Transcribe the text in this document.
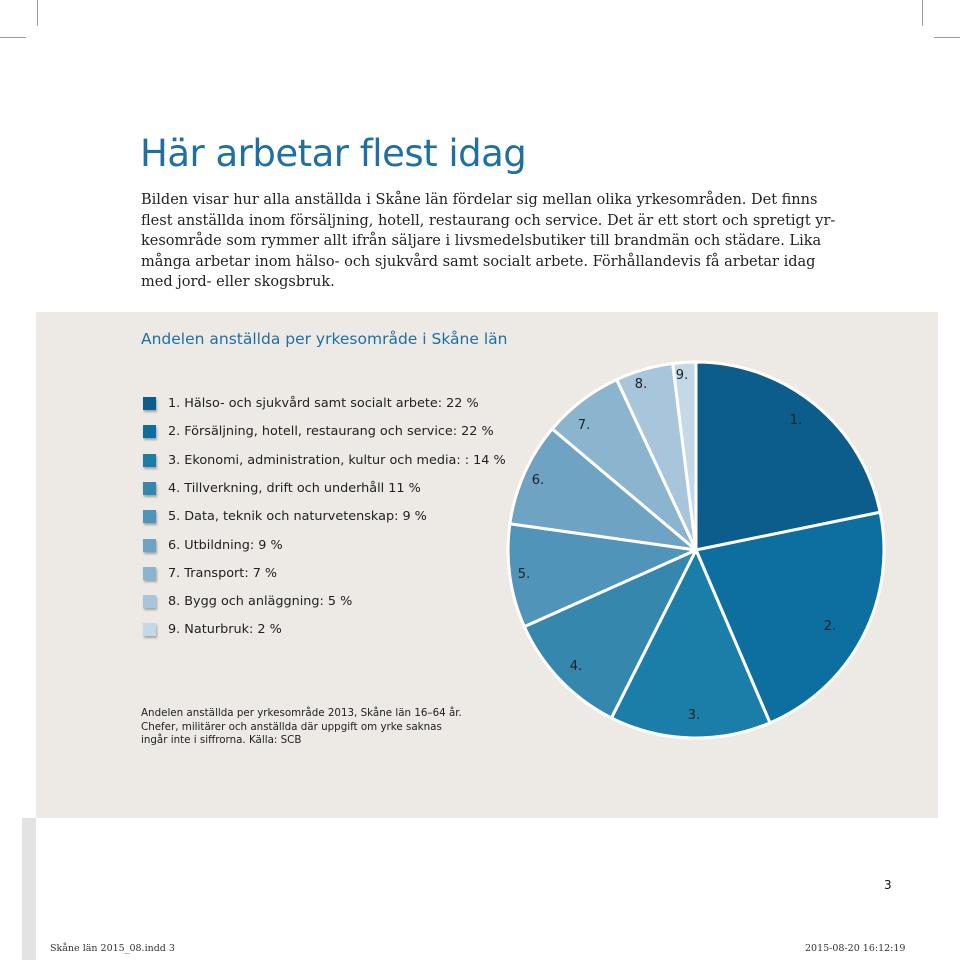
Här arbetar flest idag
Bilden visar hur alla anställda i Skåne län fördelar sig mellan olika yrkesområden. Det finns
flest anställda inom försäljning, hotell, restaurang och service. Det är ett stort och spretigt yr-
kesområde som rymmer allt ifrån säljare i livsmedelsbutiker till brandmän och städare. Lika
många arbetar inom hälso- och sjukvård samt socialt arbete. Förhållandevis få arbetar idag
med jord- eller skogsbruk.
Andelen anställda per yrkesområde i Skåne län
1. Hälso- och sjukvård samt socialt arbete: 22 %
2. Försäljning, hotell, restaurang och service: 22 %
3. Ekonomi, administration, kultur och media: : 14 %
4. Tillverkning, drift och underhåll 11 %
5. Data, teknik och naturvetenskap: 9 %
6. Utbildning: 9 %
7. Transport: 7 %
8. Bygg och anläggning: 5 %
9. Naturbruk: 2 %
1.
2.
3.
4.
5.
6.
7.
8.
9.
Andelen anställda per yrkesområde 2013, Skåne län 16–64 år.
Chefer, militärer och anställda där uppgift om yrke saknas
ingår inte i siffrorna. Källa: SCB
3
Skåne län 2015_08.indd 3	2015-08-20 16:12:19
